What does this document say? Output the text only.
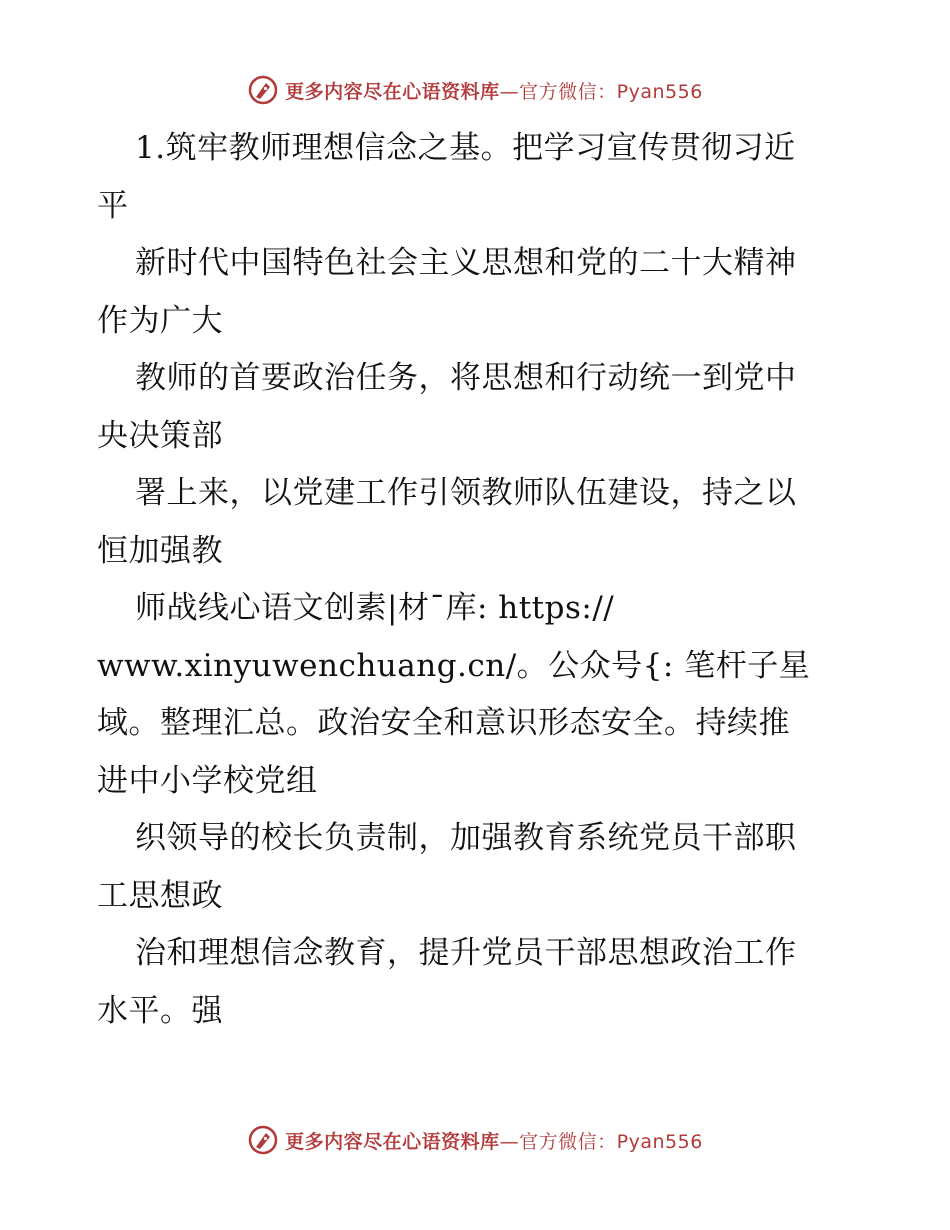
更多内容尽在心语资料库—官方微信：Pyan556
1.筑牢教师理想信念之基。把学习宣传贯彻习近
平
新时代中国特色社会主义思想和党的二十大精神
作为广大
教师的首要政治任务，将思想和行动统一到党中
央决策部
署上来，以党建工作引领教师队伍建设，持之以
恒加强教
师战线心语文创素|材¯库: https://
www.xinyuwenchuang.cn/。公众号{: 笔杆子星
域。整理汇总。政治安全和意识形态安全。持续推
进中小学校党组
织领导的校长负责制，加强教育系统党员干部职
工思想政
治和理想信念教育，提升党员干部思想政治工作
水平。强
更多内容尽在心语资料库—官方微信：Pyan556
